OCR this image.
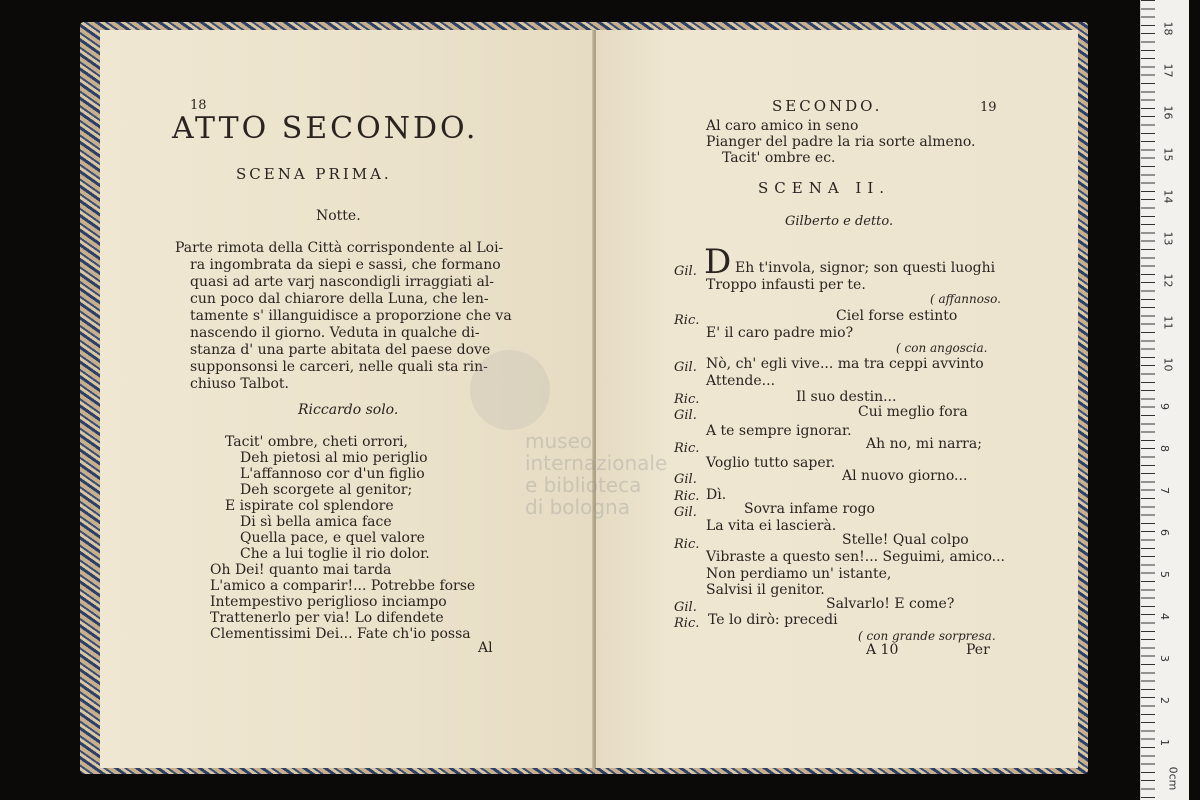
18
ATTO SECONDO.
SCENA PRIMA.
Notte.
Parte rimota della Città corrispondente al Loi-
ra ingombrata da siepi e sassi, che formano
quasi ad arte varj nascondigli irraggiati al-
cun poco dal chiarore della Luna, che len-
tamente s' illanguidisce a proporzione che va
nascendo il giorno. Veduta in qualche di-
stanza d' una parte abitata del paese dove
supponsonsi le carceri, nelle quali sta rin-
chiuso Talbot.
Riccardo solo.
Tacit' ombre, cheti orrori,
Deh pietosi al mio periglio
L'affannoso cor d'un figlio
Deh scorgete al genitor;
E ispirate col splendore
Di sì bella amica face
Quella pace, e quel valore
Che a lui toglie il rio dolor.
Oh Dei! quanto mai tarda
L'amico a comparir!... Potrebbe forse
Intempestivo periglioso inciampo
Trattenerlo per via! Lo difendete
Clementissimi Dei... Fate ch'io possa
Al
SECONDO.	19
Al caro amico in seno
Pianger del padre la ria sorte almeno.
Tacit' ombre ec.
SCENA II.
Gilberto e detto.
Gil. D Eh t'invola, signor; son questi luoghi
Troppo infausti per te.
( affannoso.
Ric.	Ciel forse estinto
E' il caro padre mio?
( con angoscia.
Gil. Nò, ch' egli vive... ma tra ceppi avvinto
Attende...
Ric.	Il suo destin...
Gil.	Cui meglio fora
A te sempre ignorar.
Ric.	Ah no, mi narra;
Voglio tutto saper.
Gil.	Al nuovo giorno...
Ric. Dì.
Gil.	Sovra infame rogo
La vita ei lascierà.
Ric.	Stelle! Qual colpo
Vibraste a questo sen!... Seguimi, amico...
Non perdiamo un' istante,
Salvisi il genitor.
Gil.	Salvarlo! E come?
Ric. Te lo dirò: precedi
( con grande sorpresa.
A 10	Per
museo internazionale
e biblioteca
di bologna
18
17
16
15
14
13
12
11
10
9
8
7
6
5
4
3
2
1
0cm
